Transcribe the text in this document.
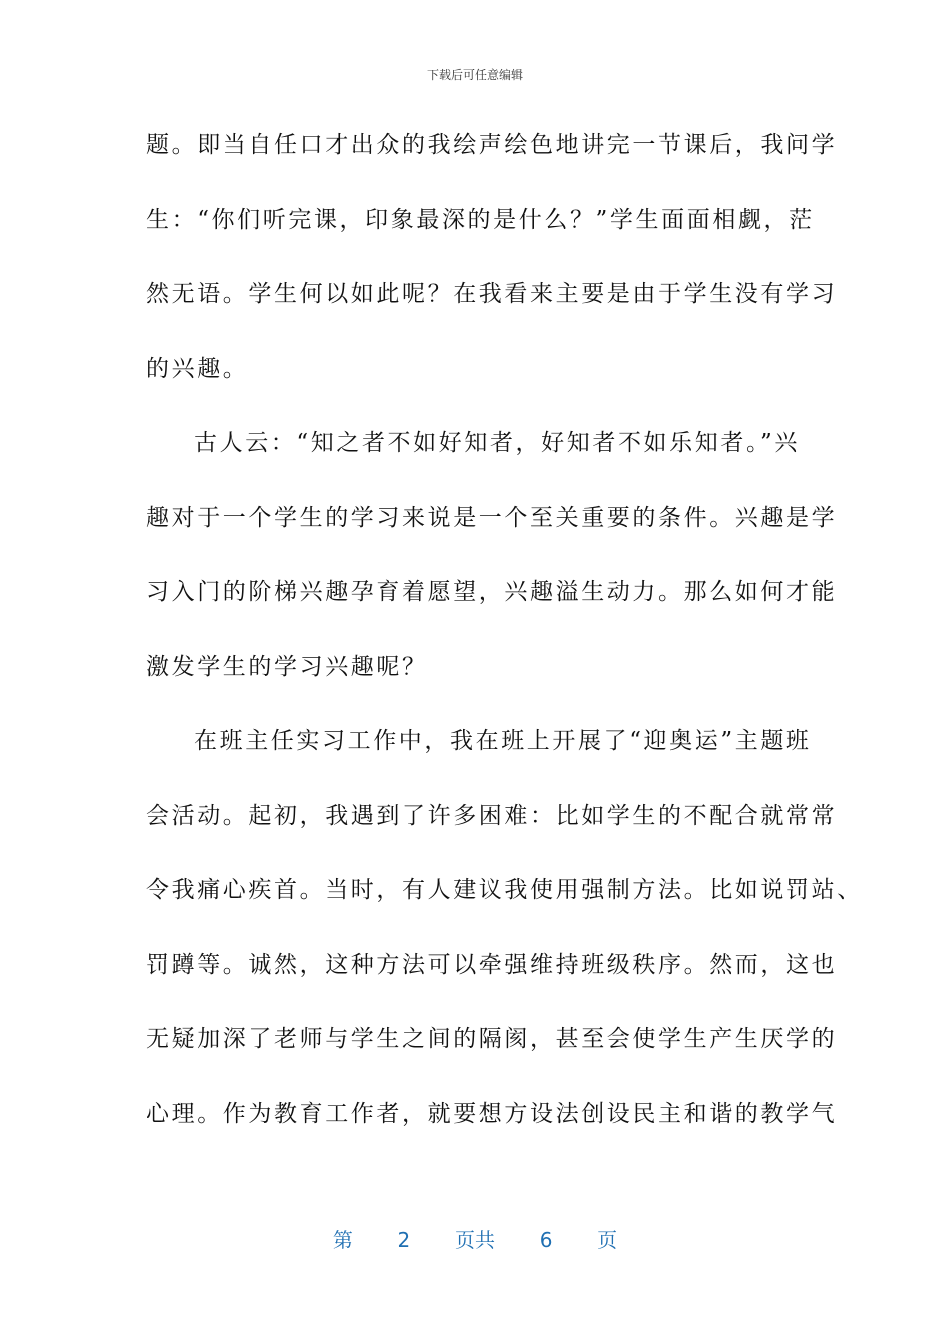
下载后可任意编辑
题。即当自任口才出众的我绘声绘色地讲完一节课后，我问学
生：“你们听完课，印象最深的是什么？”学生面面相觑，茫
然无语。学生何以如此呢？在我看来主要是由于学生没有学习
的兴趣。
古人云：“知之者不如好知者，好知者不如乐知者。”兴
趣对于一个学生的学习来说是一个至关重要的条件。兴趣是学
习入门的阶梯兴趣孕育着愿望，兴趣溢生动力。那么如何才能
激发学生的学习兴趣呢？
在班主任实习工作中，我在班上开展了“迎奥运”主题班
会活动。起初，我遇到了许多困难：比如学生的不配合就常常
令我痛心疾首。当时，有人建议我使用强制方法。比如说罚站、
罚蹲等。诚然，这种方法可以牵强维持班级秩序。然而，这也
无疑加深了老师与学生之间的隔阂，甚至会使学生产生厌学的
心理。作为教育工作者，就要想方设法创设民主和谐的教学气
第 2 页共 6 页
